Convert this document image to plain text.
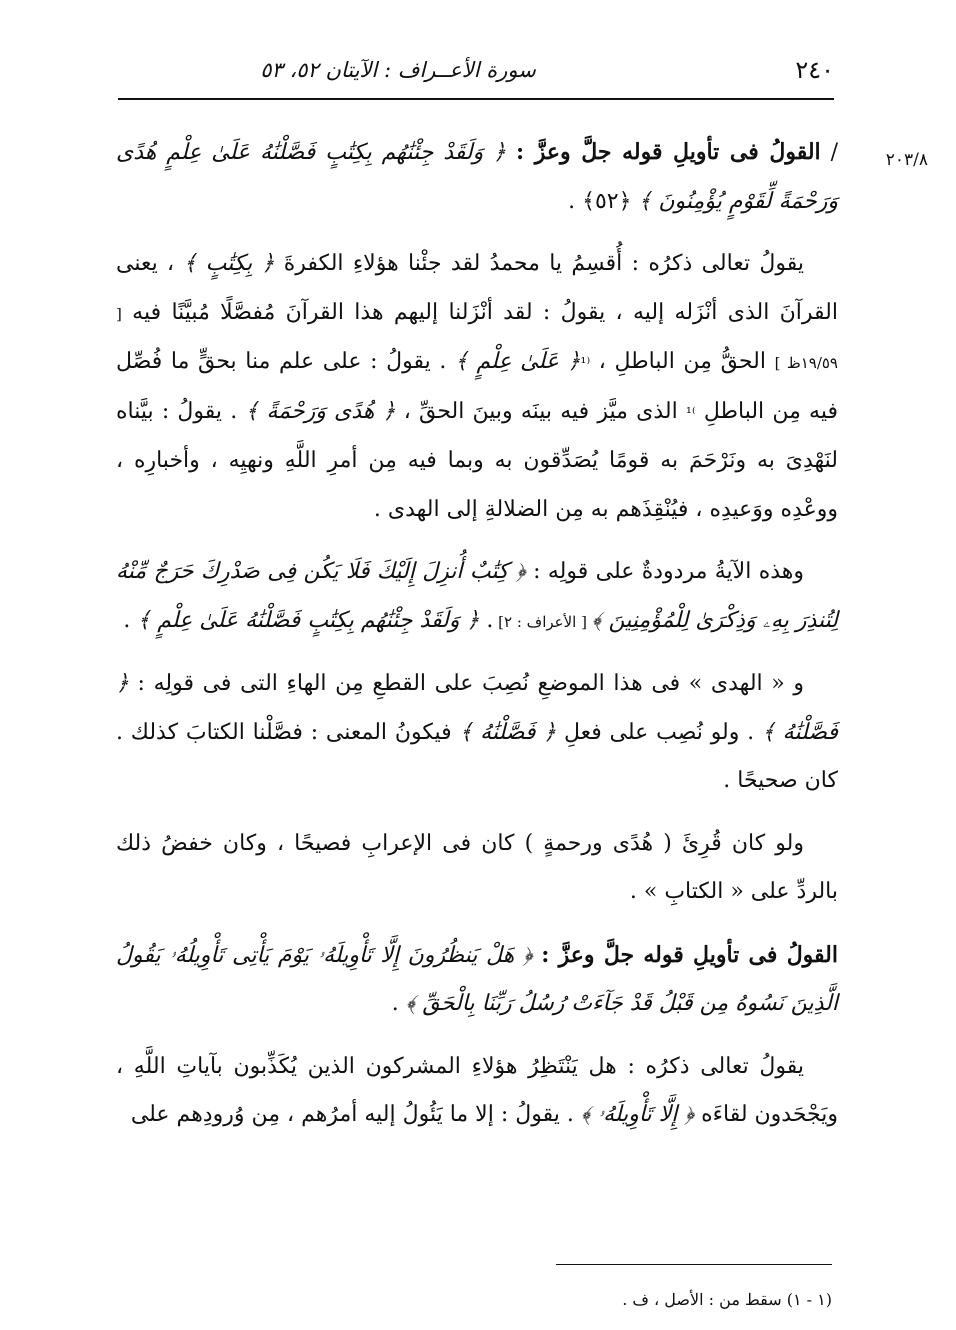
٢٤٠
سورة الأعــراف : الآيتان ٥٢، ٥٣
٢٠٣/٨

/ القولُ فى تأويلِ قوله جلَّ وعزَّ : ﴿ وَلَقَدْ جِئْنَٰهُم بِكِتَٰبٍ فَصَّلْنَٰهُ عَلَىٰ عِلْمٍ هُدًى وَرَحْمَةً لِّقَوْمٍ يُؤْمِنُونَ ﴾ ﴿٥٢﴾ .

يقولُ تعالى ذكرُه : أُقسِمُ يا محمدُ لقد جئْنا هؤلاءِ الكفرةَ ﴿ بِكِتَٰبٍ ﴾ ، يعنى القرآنَ الذى أنْزَله إليه ، يقولُ : لقد أنْزَلنا إليهم هذا القرآنَ مُفصَّلًا مُبيَّنًا فيه [ ١٩/٥٩ظ ] الحقُّ مِن الباطلِ ، ⁽¹﴿ عَلَىٰ عِلْمٍ ﴾ . يقولُ : على علم منا بحقٍّ ما فُصِّل فيه مِن الباطلِ ⁾¹ الذى ميَّز فيه بينَه وبينَ الحقِّ ، ﴿ هُدًى وَرَحْمَةً ﴾ . يقولُ : بيَّناه لنَهْدِىَ به ونَرْحَمَ به قومًا يُصَدِّقون به وبما فيه مِن أمرِ اللَّهِ ونهيِه ، وأخبارِه ، ووعْدِه ووَعيدِه ، فيُنْقِذَهم به مِن الضلالةِ إلى الهدى .

وهذه الآيةُ مردودةٌ على قولِه : ﴿ كِتَٰبٌ أُنزِلَ إِلَيْكَ فَلَا يَكُن فِى صَدْرِكَ حَرَجٌ مِّنْهُ لِتُنذِرَ بِهِۦ وَذِكْرَىٰ لِلْمُؤْمِنِينَ ﴾ [ الأعراف : ٢] . ﴿ وَلَقَدْ جِئْنَٰهُم بِكِتَٰبٍ فَصَّلْنَٰهُ عَلَىٰ عِلْمٍ ﴾ .

و « الهدى » فى هذا الموضعِ نُصِبَ على القطعِ مِن الهاءِ التى فى قولِه : ﴿ فَصَّلْنَٰهُ ﴾ . ولو نُصِب على فعلِ ﴿ فَصَّلْنَٰهُ ﴾ فيكونُ المعنى : فصَّلْنا الكتابَ كذلك . كان صحيحًا .

ولو كان قُرِئَ ( هُدًى ورحمةٍ ) كان فى الإعرابِ فصيحًا ، وكان خفضُ ذلك بالردِّ على « الكتابِ » .

القولُ فى تأويلِ قوله جلَّ وعزَّ : ﴿ هَلْ يَنظُرُونَ إِلَّا تَأْوِيلَهُۥ يَوْمَ يَأْتِى تَأْوِيلُهُۥ يَقُولُ الَّذِينَ نَسُوهُ مِن قَبْلُ قَدْ جَآءَتْ رُسُلُ رَبِّنَا بِالْحَقِّ ﴾ .

يقولُ تعالى ذكرُه : هل يَنْتَظِرُ هؤلاءِ المشركون الذين يُكَذِّبون بآياتِ اللَّهِ ، ويَجْحَدون لقاءَه ﴿ إِلَّا تَأْوِيلَهُۥ ﴾ . يقولُ : إلا ما يَئُولُ إليه أمرُهم ، مِن وُرودِهم على

(١ - ١) سقط من : الأصل ، ف .
